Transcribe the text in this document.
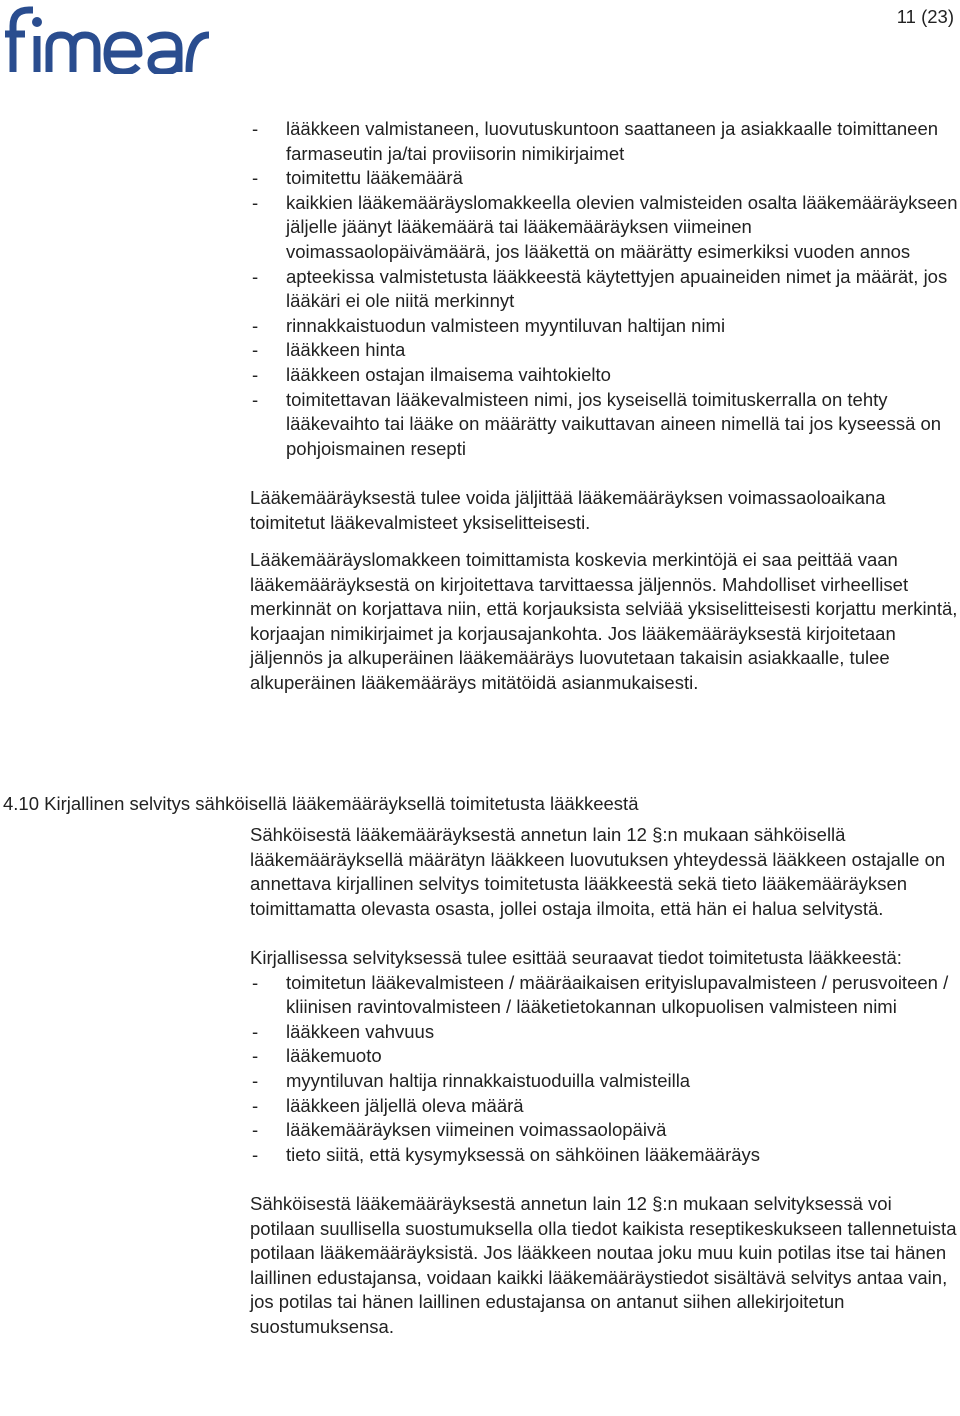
11 (23)
- lääkkeen valmistaneen, luovutuskuntoon saattaneen ja asiakkaalle toimittaneen farmaseutin ja/tai proviisorin nimikirjaimet
- toimitettu lääkemäärä
- kaikkien lääkemääräyslomakkeella olevien valmisteiden osalta lääkemääräykseen jäljelle jäänyt lääkemäärä tai lääkemääräyksen viimeinen voimassaolopäivämäärä, jos lääkettä on määrätty esimerkiksi vuoden annos
- apteekissa valmistetusta lääkkeestä käytettyjen apuaineiden nimet ja määrät, jos lääkäri ei ole niitä merkinnyt
- rinnakkaistuodun valmisteen myyntiluvan haltijan nimi
- lääkkeen hinta
- lääkkeen ostajan ilmaisema vaihtokielto
- toimitettavan lääkevalmisteen nimi, jos kyseisellä toimituskerralla on tehty lääkevaihto tai lääke on määrätty vaikuttavan aineen nimellä tai jos kyseessä on pohjoismainen resepti

Lääkemääräyksestä tulee voida jäljittää lääkemääräyksen voimassaoloaikana toimitetut lääkevalmisteet yksiselitteisesti.

Lääkemääräyslomakkeen toimittamista koskevia merkintöjä ei saa peittää vaan lääkemääräyksestä on kirjoitettava tarvittaessa jäljennös. Mahdolliset virheelliset merkinnät on korjattava niin, että korjauksista selviää yksiselitteisesti korjattu merkintä, korjaajan nimikirjaimet ja korjausajankohta. Jos lääkemääräyksestä kirjoitetaan jäljennös ja alkuperäinen lääkemääräys luovutetaan takaisin asiakkaalle, tulee alkuperäinen lääkemääräys mitätöidä asianmukaisesti.

4.10 Kirjallinen selvitys sähköisellä lääkemääräyksellä toimitetusta lääkkeestä

Sähköisestä lääkemääräyksestä annetun lain 12 §:n mukaan sähköisellä lääkemääräyksellä määrätyn lääkkeen luovutuksen yhteydessä lääkkeen ostajalle on annettava kirjallinen selvitys toimitetusta lääkkeestä sekä tieto lääkemääräyksen toimittamatta olevasta osasta, jollei ostaja ilmoita, että hän ei halua selvitystä.

Kirjallisessa selvityksessä tulee esittää seuraavat tiedot toimitetusta lääkkeestä:

- toimitetun lääkevalmisteen / määräaikaisen erityislupavalmisteen / perusvoiteen / kliinisen ravintovalmisteen / lääketietokannan ulkopuolisen valmisteen nimi
- lääkkeen vahvuus
- lääkemuoto
- myyntiluvan haltija rinnakkaistuoduilla valmisteilla
- lääkkeen jäljellä oleva määrä
- lääkemääräyksen viimeinen voimassaolopäivä
- tieto siitä, että kysymyksessä on sähköinen lääkemääräys

Sähköisestä lääkemääräyksestä annetun lain 12 §:n mukaan selvityksessä voi potilaan suullisella suostumuksella olla tiedot kaikista reseptikeskukseen tallennetuista potilaan lääkemääräyksistä. Jos lääkkeen noutaa joku muu kuin potilas itse tai hänen laillinen edustajansa, voidaan kaikki lääkemääräystiedot sisältävä selvitys antaa vain, jos potilas tai hänen laillinen edustajansa on antanut siihen allekirjoitetun suostumuksensa.
